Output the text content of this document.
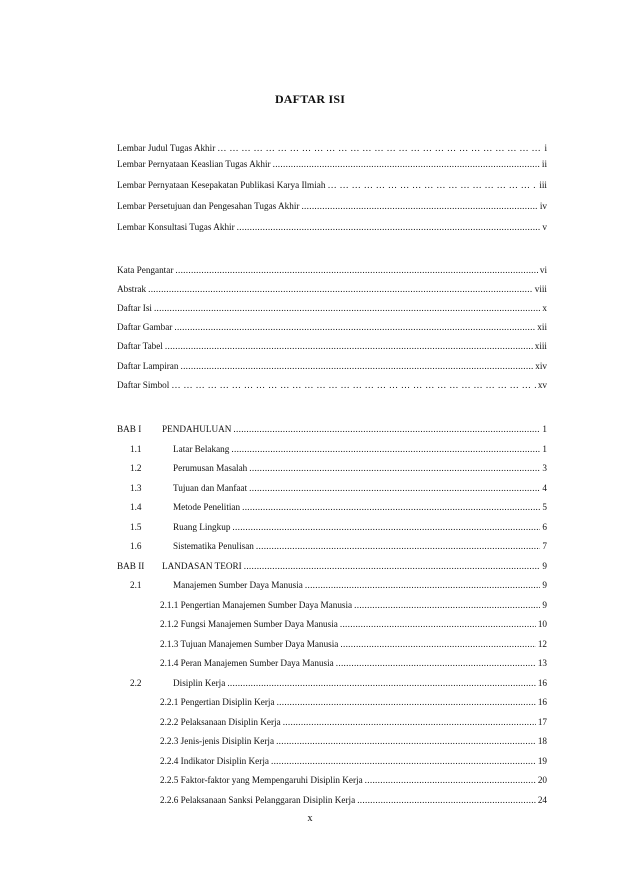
DAFTAR ISI
Lembar Judul Tugas Akhir … … … … … … … … … … … … … … … … … … … … … … … … … … … … … … … … … … … … … … … … … … … … … … … … … … … … … … … … … … … … … … … …	i
Lembar Pernyataan Keaslian Tugas Akhir .....	ii
Lembar Pernyataan Kesepakatan Publikasi Karya Ilmiah … … … … … … … … … … … … … … … … … … … … … … … … … … … … … … … … … … … … … … … … … … … … … … … … … … … … … … … … … … … … … … … …	iii
Lembar Persetujuan dan Pengesahan Tugas Akhir .....	iv
Lembar Konsultasi Tugas Akhir .....	v
Kata Pengantar .....	vi
Abstrak .....	viii
Daftar Isi .....	x
Daftar Gambar .....	xii
Daftar Tabel .....	xiii
Daftar Lampiran .....	xiv
Daftar Simbol … … … … … … … … … … … … … … … … … … … … … … … … … … … … … … … … … … … … … … … … … … … … … … … … … … … … … … … … … … … … … … … …	xv
BAB I PENDAHULUAN .....	1
1.1	Latar Belakang .....	1
1.2	Perumusan Masalah .....	3
1.3	Tujuan dan Manfaat .....	4
1.4	Metode Penelitian .....	5
1.5	Ruang Lingkup .....	6
1.6	Sistematika Penulisan .....	7
BAB II LANDASAN TEORI .....	9
2.1	Manajemen Sumber Daya Manusia .....	9
2.1.1 Pengertian Manajemen Sumber Daya Manusia .....	9
2.1.2 Fungsi Manajemen Sumber Daya Manusia .....	10
2.1.3 Tujuan Manajemen Sumber Daya Manusia .....	12
2.1.4 Peran Manajemen Sumber Daya Manusia .....	13
2.2	Disiplin Kerja .....	16
2.2.1 Pengertian Disiplin Kerja .....	16
2.2.2 Pelaksanaan Disiplin Kerja .....	17
2.2.3 Jenis-jenis Disiplin Kerja .....	18
2.2.4 Indikator Disiplin Kerja .....	19
2.2.5 Faktor-faktor yang Mempengaruhi Disiplin Kerja .....	20
2.2.6 Pelaksanaan Sanksi Pelanggaran Disiplin Kerja .....	24
x
